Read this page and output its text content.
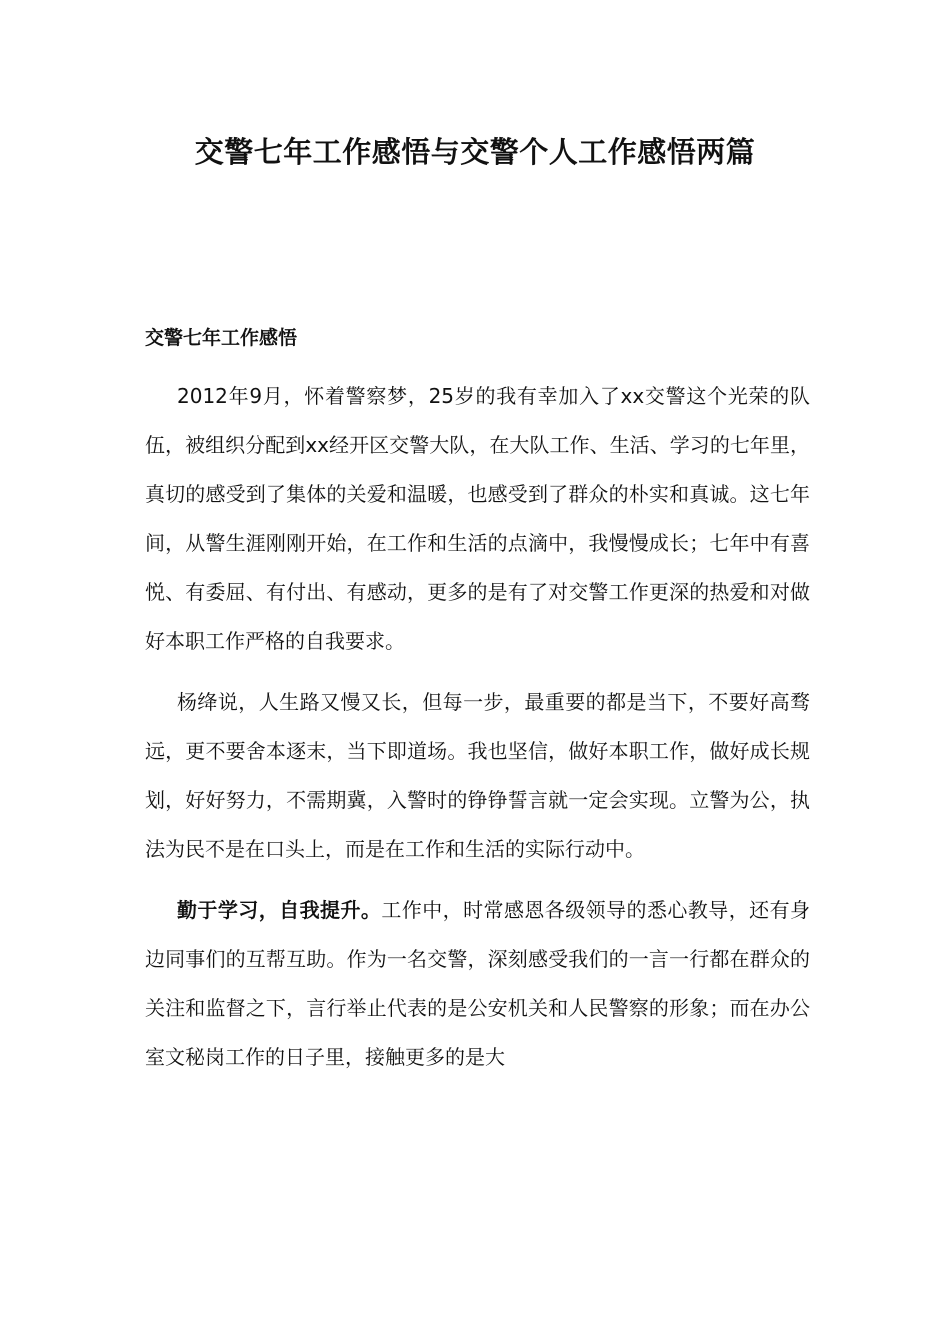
交警七年工作感悟与交警个人工作感悟两篇
交警七年工作感悟

2012年9月，怀着警察梦，25岁的我有幸加入了xx交警这个光荣的队伍，被组织分配到xx经开区交警大队，在大队工作、生活、学习的七年里，真切的感受到了集体的关爱和温暖，也感受到了群众的朴实和真诚。这七年间，从警生涯刚刚开始，在工作和生活的点滴中，我慢慢成长；七年中有喜悦、有委屈、有付出、有感动，更多的是有了对交警工作更深的热爱和对做好本职工作严格的自我要求。

杨绛说，人生路又慢又长，但每一步，最重要的都是当下，不要好高骛远，更不要舍本逐末，当下即道场。我也坚信，做好本职工作，做好成长规划，好好努力，不需期冀，入警时的铮铮誓言就一定会实现。立警为公，执法为民不是在口头上，而是在工作和生活的实际行动中。

勤于学习，自我提升。工作中，时常感恩各级领导的悉心教导，还有身边同事们的互帮互助。作为一名交警，深刻感受我们的一言一行都在群众的关注和监督之下，言行举止代表的是公安机关和人民警察的形象；而在办公室文秘岗工作的日子里，接触更多的是大
